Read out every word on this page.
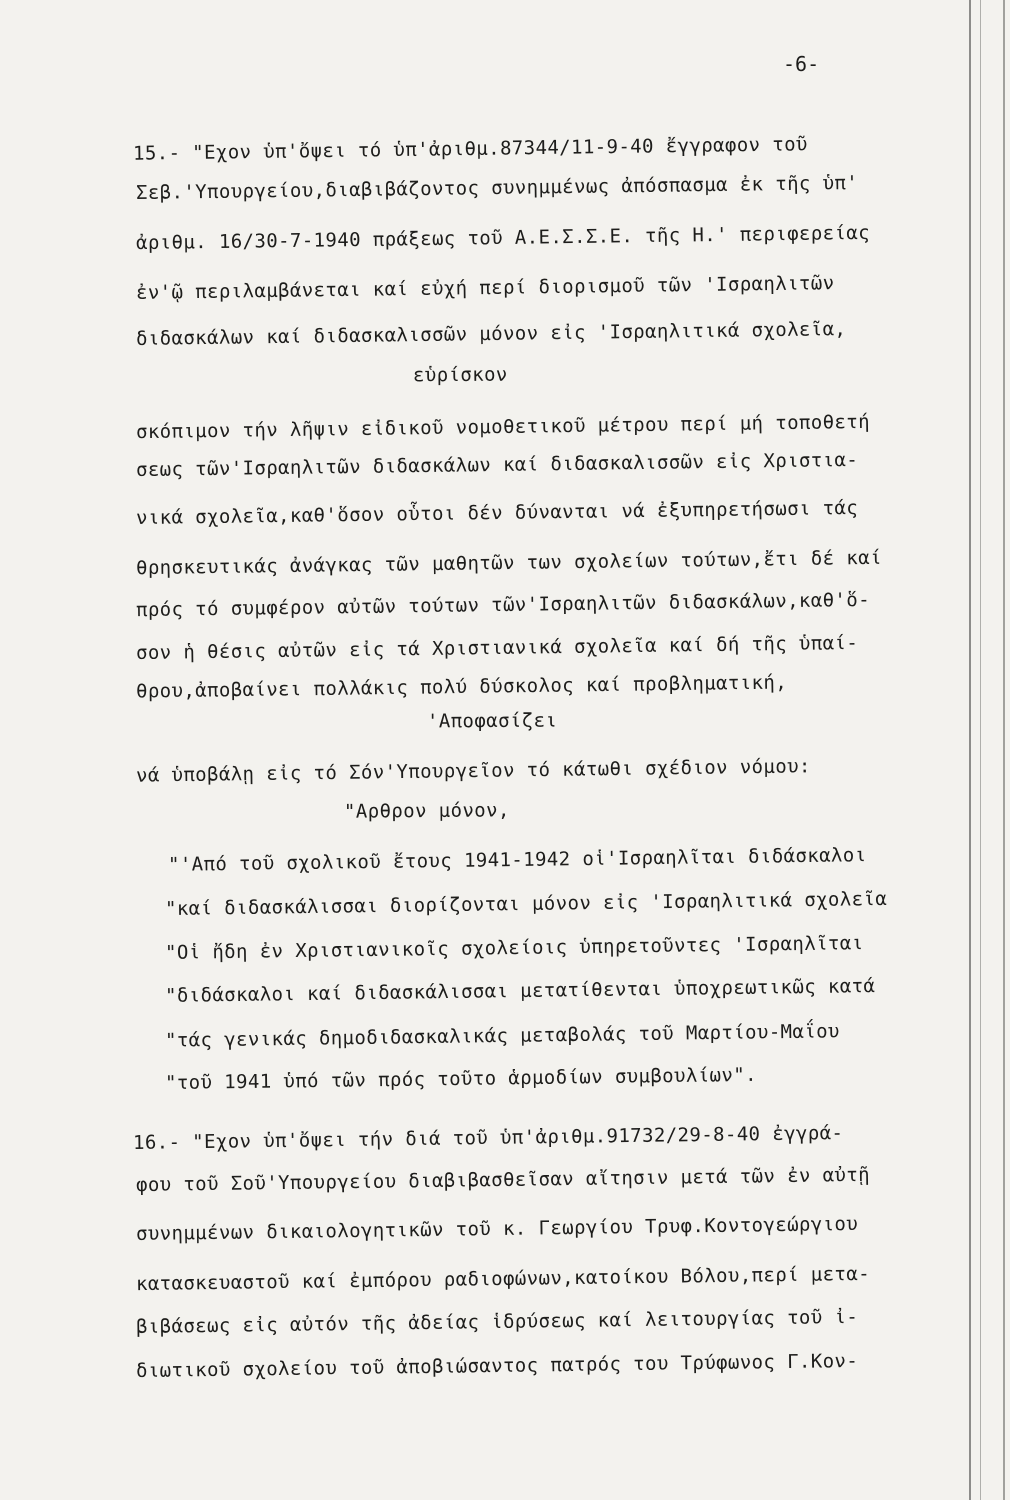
-6-
15.- "Εχον ὑπ'ὄψει τό ὑπ'ἀριθμ.87344/11-9-40 ἔγγραφον τοῦ
Σεβ.'Υπουργείου,διαβιβάζοντος συνημμένως ἀπόσπασμα ἐκ τῆς ὑπ'
ἀριθμ. 16/30-7-1940 πράξεως τοῦ Α.Ε.Σ.Σ.Ε. τῆς Η.' περιφερείας
ἐν'ῷ περιλαμβάνεται καί εὐχή περί διορισμοῦ τῶν 'Ισραηλιτῶν
διδασκάλων καί διδασκαλισσῶν μόνον εἰς 'Ισραηλιτικά σχολεῖα,
εὑρίσκον
σκόπιμον τήν λῆψιν εἰδικοῦ νομοθετικοῦ μέτρου περί μή τοποθετή
σεως τῶν'Ισραηλιτῶν διδασκάλων καί διδασκαλισσῶν εἰς Χριστια-
νικά σχολεῖα,καθ'ὅσον οὗτοι δέν δύνανται νά ἐξυπηρετήσωσι τάς
θρησκευτικάς ἀνάγκας τῶν μαθητῶν των σχολείων τούτων,ἔτι δέ καί
πρός τό συμφέρον αὐτῶν τούτων τῶν'Ισραηλιτῶν διδασκάλων,καθ'ὅ-
σον ἡ θέσις αὐτῶν εἰς τά Χριστιανικά σχολεῖα καί δή τῆς ὑπαί-
θρου,ἀποβαίνει πολλάκις πολύ δύσκολος καί προβληματική,
'Αποφασίζει
νά ὑποβάλῃ εἰς τό Σόν'Υπουργεῖον τό κάτωθι σχέδιον νόμου:
"Αρθρον μόνον,
"'Από τοῦ σχολικοῦ ἔτους 1941-1942 οἱ'Ισραηλῖται διδάσκαλοι
"καί διδασκάλισσαι διορίζονται μόνον εἰς 'Ισραηλιτικά σχολεῖα
"Οἱ ἤδη ἐν Χριστιανικοῖς σχολείοις ὑπηρετοῦντες 'Ισραηλῖται
"διδάσκαλοι καί διδασκάλισσαι μετατίθενται ὑποχρεωτικῶς κατά
"τάς γενικάς δημοδιδασκαλικάς μεταβολάς τοῦ Μαρτίου-Μαΐου
"τοῦ 1941 ὑπό τῶν πρός τοῦτο ἁρμοδίων συμβουλίων".
16.- "Εχον ὑπ'ὄψει τήν διά τοῦ ὑπ'ἀριθμ.91732/29-8-40 ἐγγρά-
φου τοῦ Σοῦ'Υπουργείου διαβιβασθεῖσαν αἴτησιν μετά τῶν ἐν αὐτῇ
συνημμένων δικαιολογητικῶν τοῦ κ. Γεωργίου Τρυφ.Κοντογεώργιου
κατασκευαστοῦ καί ἐμπόρου ραδιοφώνων,κατοίκου Βόλου,περί μετα-
βιβάσεως εἰς αὐτόν τῆς ἀδείας ἱδρύσεως καί λειτουργίας τοῦ ἰ-
διωτικοῦ σχολείου τοῦ ἀποβιώσαντος πατρός του Τρύφωνος Γ.Κον-
